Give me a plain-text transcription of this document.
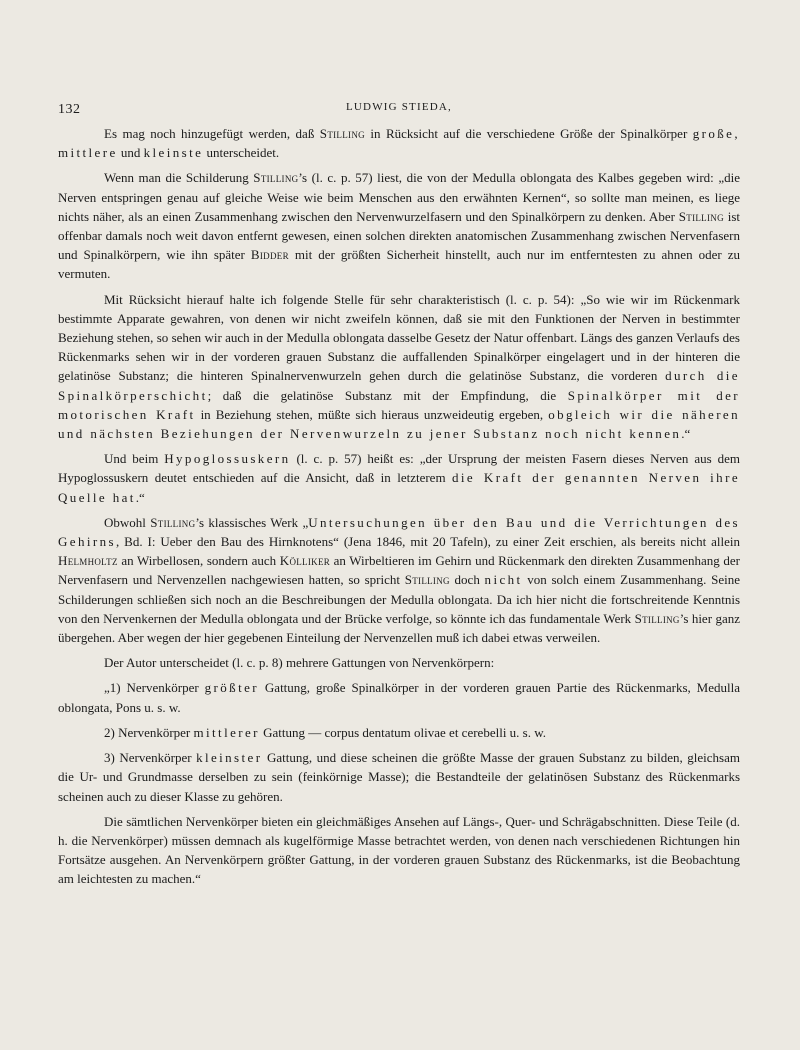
132	LUDWIG STIEDA,

Es mag noch hinzugefügt werden, daß Stilling in Rücksicht auf die verschiedene Größe der Spinalkörper große, mittlere und kleinste unterscheidet.

Wenn man die Schilderung Stilling’s (l. c. p. 57) liest, die von der Medulla oblongata des Kalbes gegeben wird: „die Nerven entspringen genau auf gleiche Weise wie beim Menschen aus den erwähnten Kernen“, so sollte man meinen, es liege nichts näher, als an einen Zusammenhang zwischen den Nervenwurzelfasern und den Spinalkörpern zu denken. Aber Stilling ist offenbar damals noch weit davon entfernt gewesen, einen solchen direkten anatomischen Zusammenhang zwischen Nervenfasern und Spinalkörpern, wie ihn später Bidder mit der größten Sicherheit hinstellt, auch nur im entferntesten zu ahnen oder zu vermuten.

Mit Rücksicht hierauf halte ich folgende Stelle für sehr charakteristisch (l. c. p. 54): „So wie wir im Rückenmark bestimmte Apparate gewahren, von denen wir nicht zweifeln können, daß sie mit den Funktionen der Nerven in bestimmter Beziehung stehen, so sehen wir auch in der Medulla oblongata dasselbe Gesetz der Natur offenbart. Längs des ganzen Verlaufs des Rückenmarks sehen wir in der vorderen grauen Substanz die auffallenden Spinalkörper eingelagert und in der hinteren die gelatinöse Substanz; die hinteren Spinalnervenwurzeln gehen durch die gelatinöse Substanz, die vorderen durch die Spinalkörperschicht; daß die gelatinöse Substanz mit der Empfindung, die Spinalkörper mit der motorischen Kraft in Beziehung stehen, müßte sich hieraus unzweideutig ergeben, obgleich wir die näheren und nächsten Beziehungen der Nervenwurzeln zu jener Substanz noch nicht kennen.“

Und beim Hypoglossuskern (l. c. p. 57) heißt es: „der Ursprung der meisten Fasern dieses Nerven aus dem Hypoglossuskern deutet entschieden auf die Ansicht, daß in letzterem die Kraft der genannten Nerven ihre Quelle hat.“

Obwohl Stilling’s klassisches Werk „Untersuchungen über den Bau und die Verrichtungen des Gehirns, Bd. I: Ueber den Bau des Hirnknotens“ (Jena 1846, mit 20 Tafeln), zu einer Zeit erschien, als bereits nicht allein Helmholtz an Wirbellosen, sondern auch Kölliker an Wirbeltieren im Gehirn und Rückenmark den direkten Zusammenhang der Nervenfasern und Nervenzellen nachgewiesen hatten, so spricht Stilling doch nicht von solch einem Zusammenhang. Seine Schilderungen schließen sich noch an die Beschreibungen der Medulla oblongata. Da ich hier nicht die fortschreitende Kenntnis von den Nervenkernen der Medulla oblongata und der Brücke verfolge, so könnte ich das fundamentale Werk Stilling’s hier ganz übergehen. Aber wegen der hier gegebenen Einteilung der Nervenzellen muß ich dabei etwas verweilen.

Der Autor unterscheidet (l. c. p. 8) mehrere Gattungen von Nervenkörpern:

„1) Nervenkörper größter Gattung, große Spinalkörper in der vorderen grauen Partie des Rückenmarks, Medulla oblongata, Pons u. s. w.

2) Nervenkörper mittlerer Gattung — corpus dentatum olivae et cerebelli u. s. w.

3) Nervenkörper kleinster Gattung, und diese scheinen die größte Masse der grauen Substanz zu bilden, gleichsam die Ur- und Grundmasse derselben zu sein (feinkörnige Masse); die Bestandteile der gelatinösen Substanz des Rückenmarks scheinen auch zu dieser Klasse zu gehören.

Die sämtlichen Nervenkörper bieten ein gleichmäßiges Ansehen auf Längs-, Quer- und Schrägabschnitten. Diese Teile (d. h. die Nervenkörper) müssen demnach als kugelförmige Masse betrachtet werden, von denen nach verschiedenen Richtungen hin Fortsätze ausgehen. An Nervenkörpern größter Gattung, in der vorderen grauen Substanz des Rückenmarks, ist die Beobachtung am leichtesten zu machen.“
